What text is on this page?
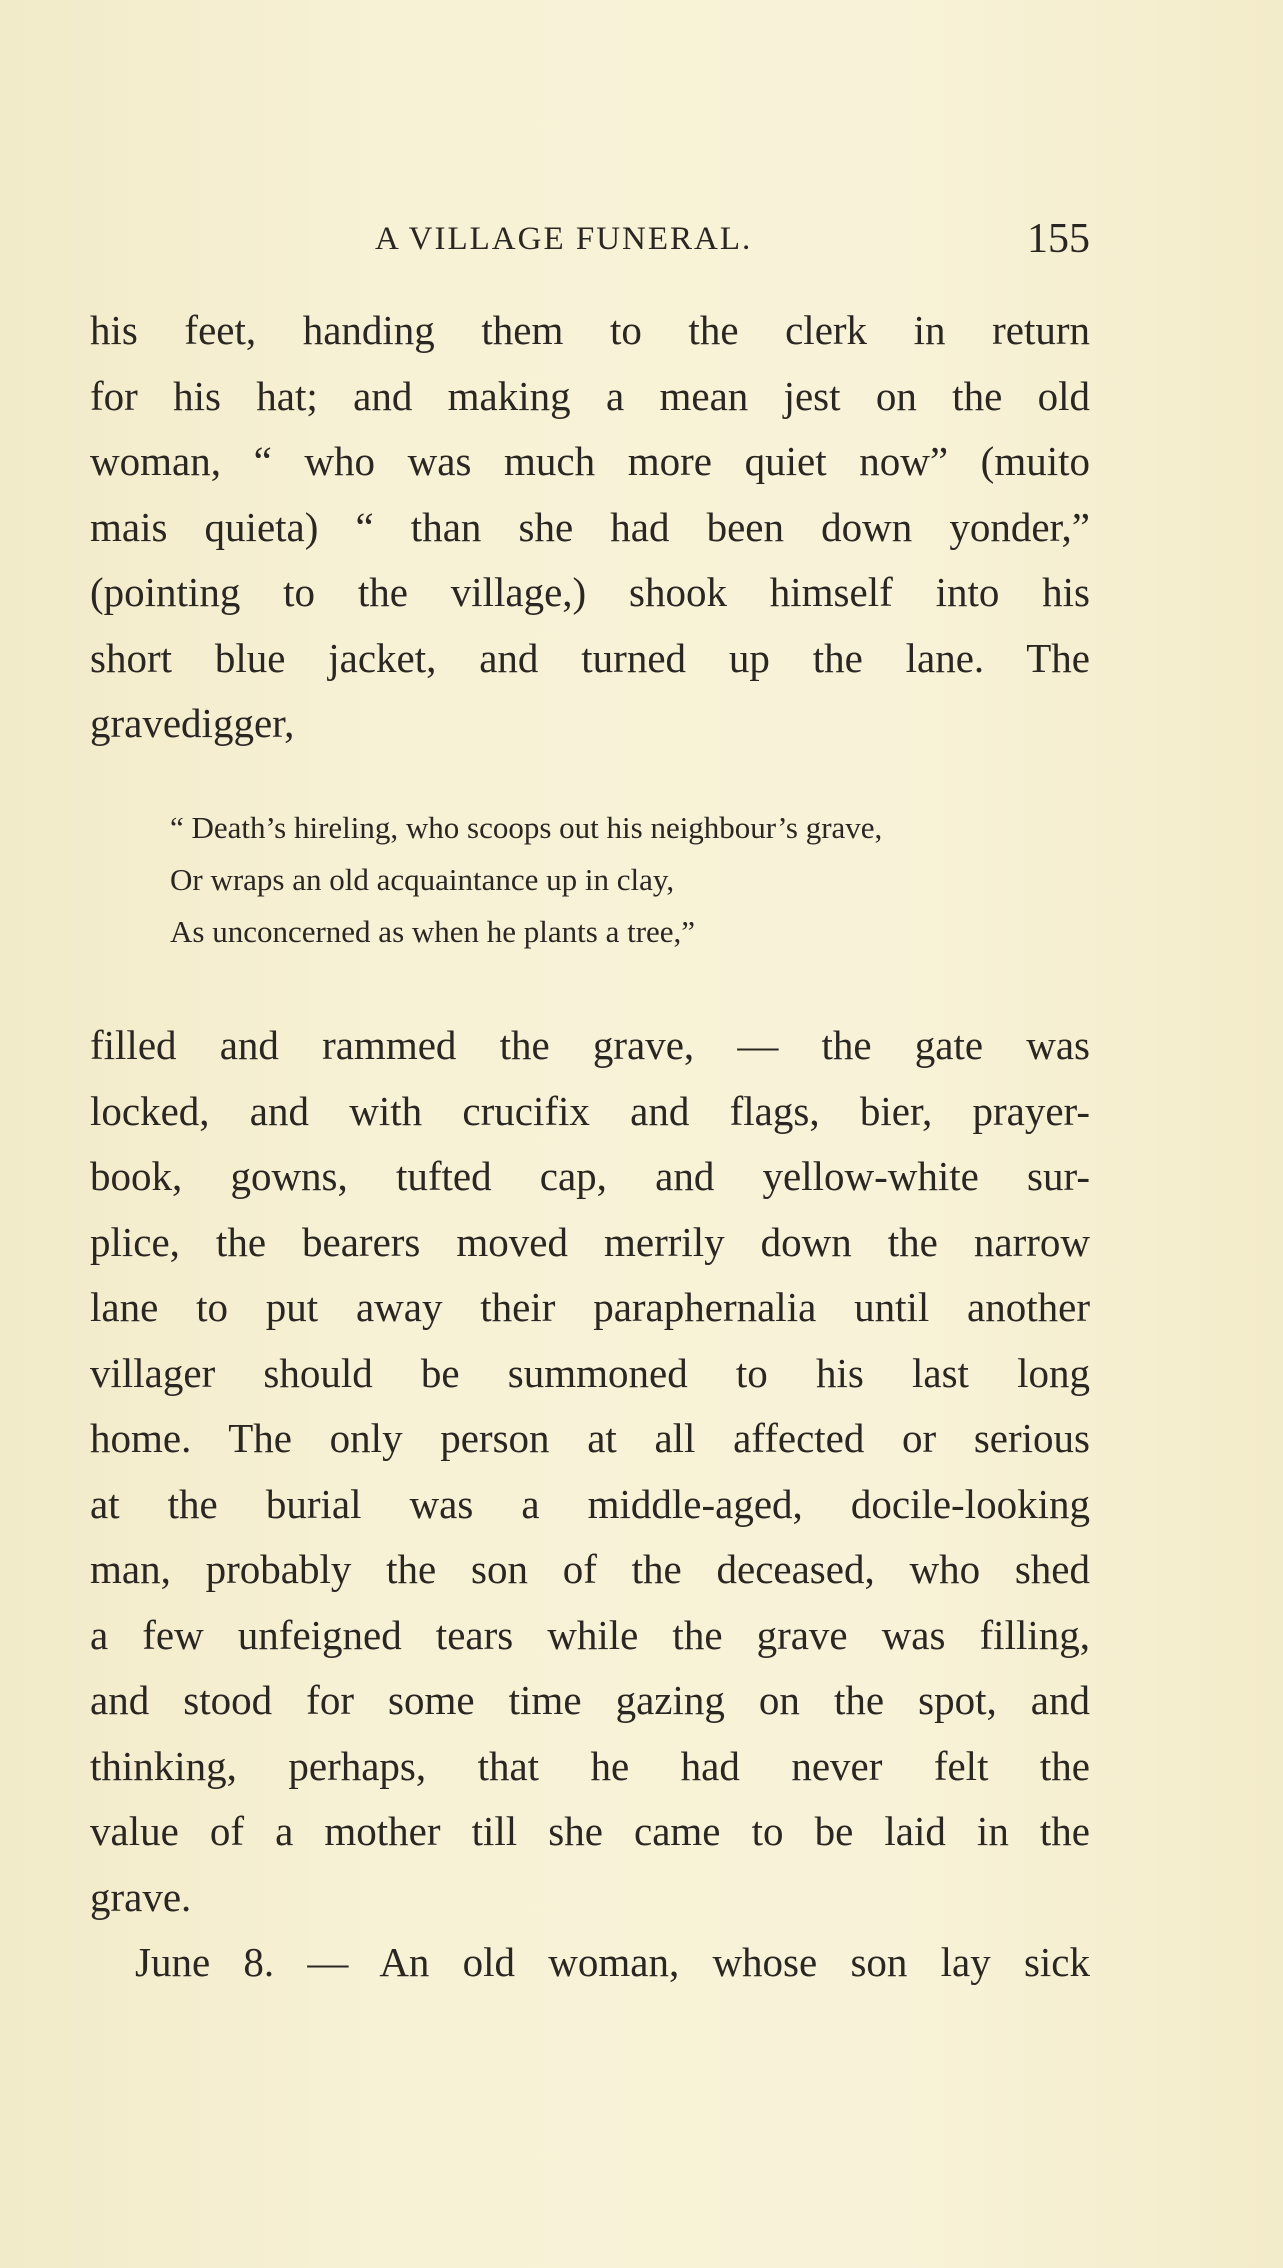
A VILLAGE FUNERAL.	155
his feet, handing them to the clerk in return
for his hat; and making a mean jest on the old
woman, “ who was much more quiet now” (muito
mais quieta) “ than she had been down yonder,”
(pointing to the village,) shook himself into his
short blue jacket, and turned up the lane. The
gravedigger,
“ Death’s hireling, who scoops out his neighbour’s grave,
Or wraps an old acquaintance up in clay,
As unconcerned as when he plants a tree,”
filled and rammed the grave, — the gate was
locked, and with crucifix and flags, bier, prayer-
book, gowns, tufted cap, and yellow-white sur-
plice, the bearers moved merrily down the narrow
lane to put away their paraphernalia until another
villager should be summoned to his last long
home. The only person at all affected or serious
at the burial was a middle-aged, docile-looking
man, probably the son of the deceased, who shed
a few unfeigned tears while the grave was filling,
and stood for some time gazing on the spot, and
thinking, perhaps, that he had never felt the
value of a mother till she came to be laid in the
grave.
June 8. — An old woman, whose son lay sick
